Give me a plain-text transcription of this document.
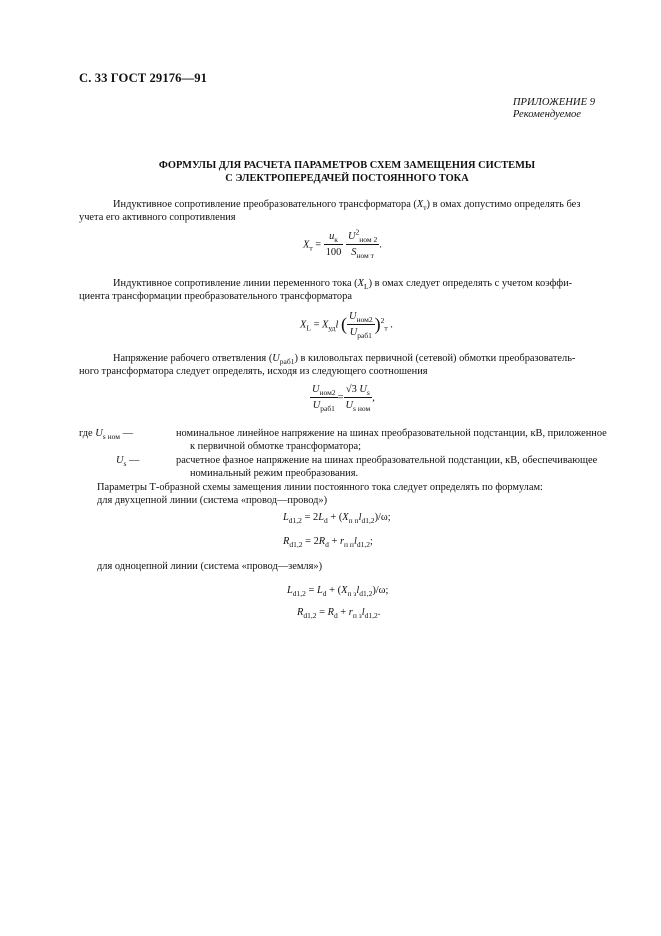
С. 33 ГОСТ 29176—91
ПРИЛОЖЕНИЕ 9
Рекомендуемое
ФОРМУЛЫ ДЛЯ РАСЧЕТА ПАРАМЕТРОВ СХЕМ ЗАМЕЩЕНИЯ СИСТЕМЫ
С ЭЛЕКТРОПЕРЕДАЧЕЙ ПОСТОЯННОГО ТОКА
Индуктивное сопротивление преобразовательного трансформатора $(X_т)$ в омах допустимо определять без
учета его активного сопротивления
$X_т = \frac{u_к}{100}$
$\frac{U^2_{ном 2}}{S_{ном т}}$ .
Индуктивное сопротивление линии переменного тока $(X_L)$ в омах следует определять с учетом коэффи-
циента трансформации преобразовательного трансформатора
$X_L = X_{уд}l$ ( $\frac{U_{ном2}}{U_{раб1}} )^2_т$ .
Напряжение рабочего ответвления $(U_{раб1})$ в киловольтах первичной (сетевой) обмотки преобразователь-
ного трансформатора следует определять, исходя из следующего соотношения
$\frac{U_{ном2}}{U_{раб1}} = \frac{√3 U_s}{U_{s ном}}$ ,
где $U_{s ном}$ —	номинальное линейное напряжение на шинах преобразовательной подстанции, кВ, приложенное
к первичной обмотке трансформатора;
$U_s$ —	расчетное фазное напряжение на шинах преобразовательной подстанции, кВ, обеспечивающее
номинальный режим преобразования.
Параметры Т-образной схемы замещения линии постоянного тока следует определять по формулам:
для двухцепной линии (система «провод—провод»)
$L_{d1,2} = 2L_d + (X_{п п}l_{d1,2})/\omega$;
$R_{d1,2} = 2R_d + r_{п п}l_{d1,2}$;
для одноцепной линии (система «провод—земля»)
$L_{d1,2} = L_d + (X_{п з}l_{d1,2})/\omega$;
$R_{d1,2} = R_d + r_{п з}l_{d1,2}$.
